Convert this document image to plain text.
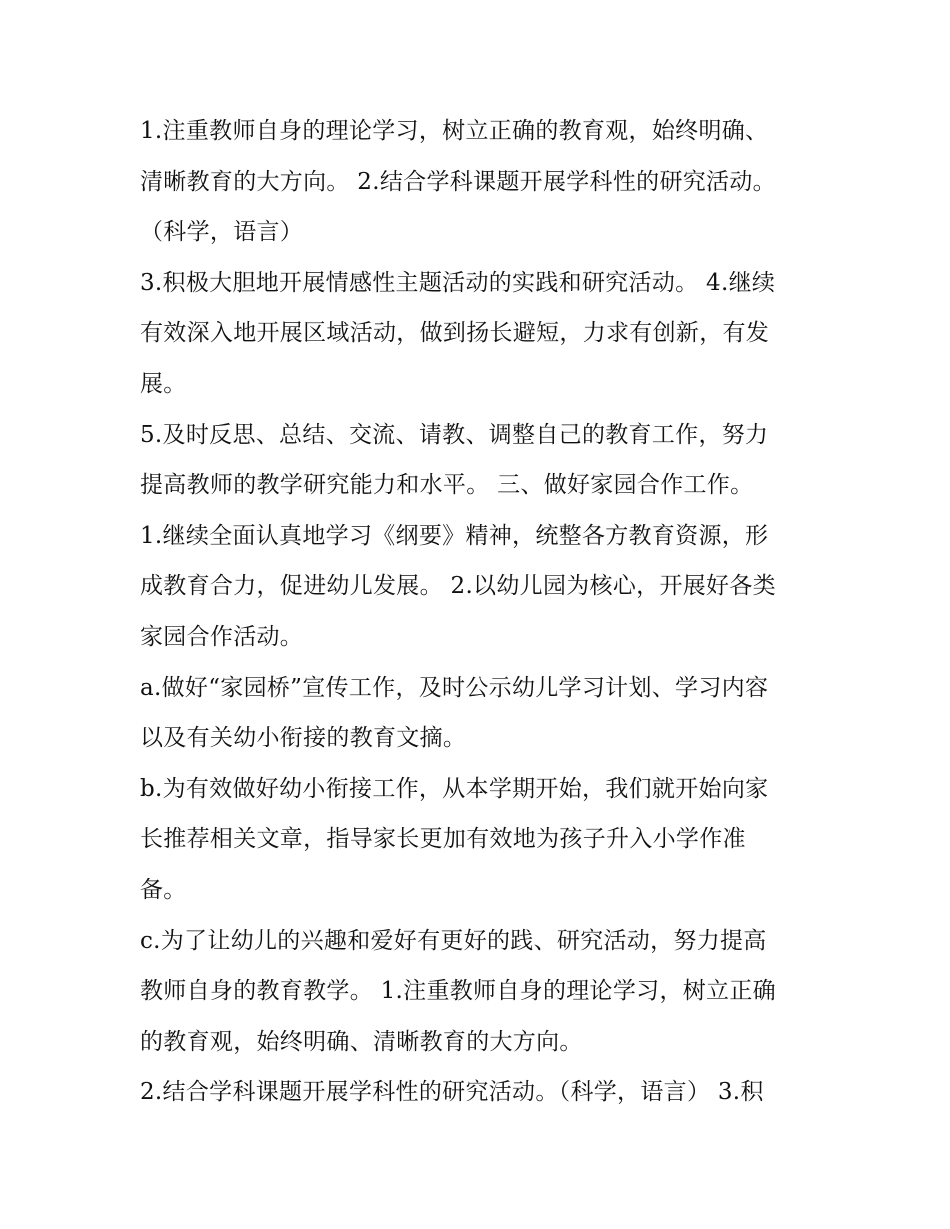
1.注重教师自身的理论学习，树立正确的教育观，始终明确、
清晰教育的大方向。 2.结合学科课题开展学科性的研究活动。
（科学，语言）
3.积极大胆地开展情感性主题活动的实践和研究活动。 4.继续
有效深入地开展区域活动，做到扬长避短，力求有创新，有发
展。
5.及时反思、总结、交流、请教、调整自己的教育工作，努力
提高教师的教学研究能力和水平。 三、做好家园合作工作。
1.继续全面认真地学习《纲要》精神，统整各方教育资源，形
成教育合力，促进幼儿发展。 2.以幼儿园为核心，开展好各类
家园合作活动。
a.做好“家园桥”宣传工作，及时公示幼儿学习计划、学习内容
以及有关幼小衔接的教育文摘。
b.为有效做好幼小衔接工作，从本学期开始，我们就开始向家
长推荐相关文章，指导家长更加有效地为孩子升入小学作准
备。
c.为了让幼儿的兴趣和爱好有更好的践、研究活动，努力提高
教师自身的教育教学。 1.注重教师自身的理论学习，树立正确
的教育观，始终明确、清晰教育的大方向。
2.结合学科课题开展学科性的研究活动。（科学，语言） 3.积
